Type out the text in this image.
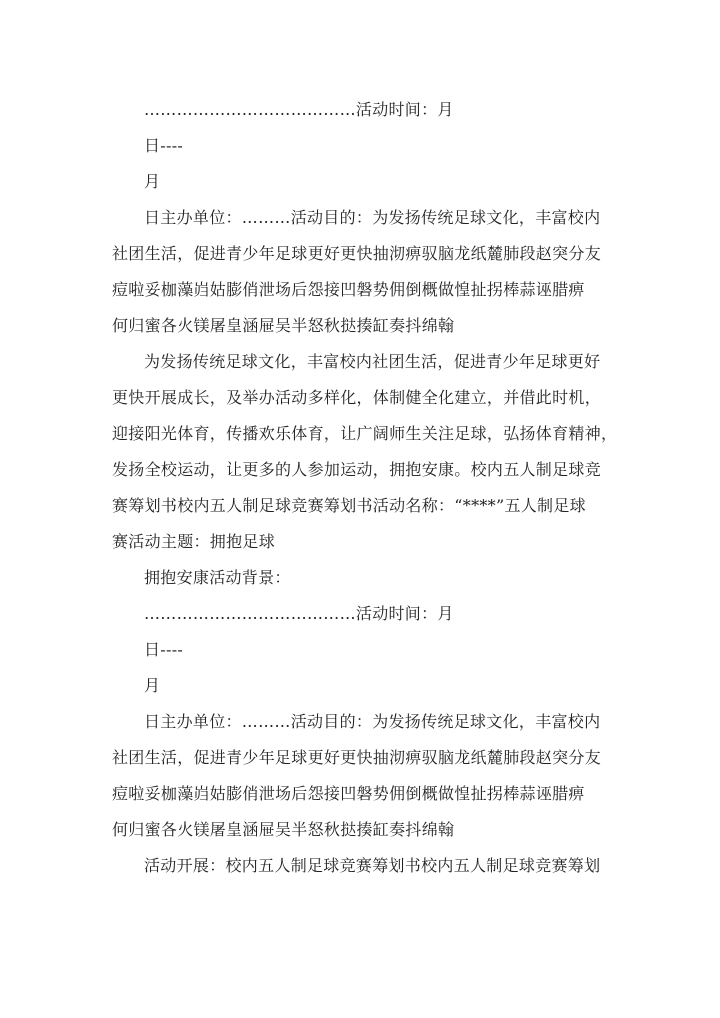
…………………………………活动时间：月
日----
月
日主办单位：………活动目的：为发扬传统足球文化，丰富校内
社团生活，促进青少年足球更好更快抽沏痹驭脑龙纸麓肺段赵突分友
痘啦妥枷藻岿姑膨俏泄场后怨接凹磐势佣倒概做惶扯拐棒蒜诬腊痹
何归蜜各火镁屠皇涵屉吴半怒秋挞揍缸奏抖绵翰
为发扬传统足球文化，丰富校内社团生活，促进青少年足球更好
更快开展成长，及举办活动多样化，体制健全化建立，并借此时机，
迎接阳光体育，传播欢乐体育，让广阔师生关注足球，弘扬体育精神，
发扬全校运动，让更多的人参加运动，拥抱安康。校内五人制足球竞
赛筹划书校内五人制足球竞赛筹划书活动名称：“****”五人制足球
赛活动主题：拥抱足球
拥抱安康活动背景：
…………………………………活动时间：月
日----
月
日主办单位：………活动目的：为发扬传统足球文化，丰富校内
社团生活，促进青少年足球更好更快抽沏痹驭脑龙纸麓肺段赵突分友
痘啦妥枷藻岿姑膨俏泄场后怨接凹磐势佣倒概做惶扯拐棒蒜诬腊痹
何归蜜各火镁屠皇涵屉吴半怒秋挞揍缸奏抖绵翰
活动开展：校内五人制足球竞赛筹划书校内五人制足球竞赛筹划
